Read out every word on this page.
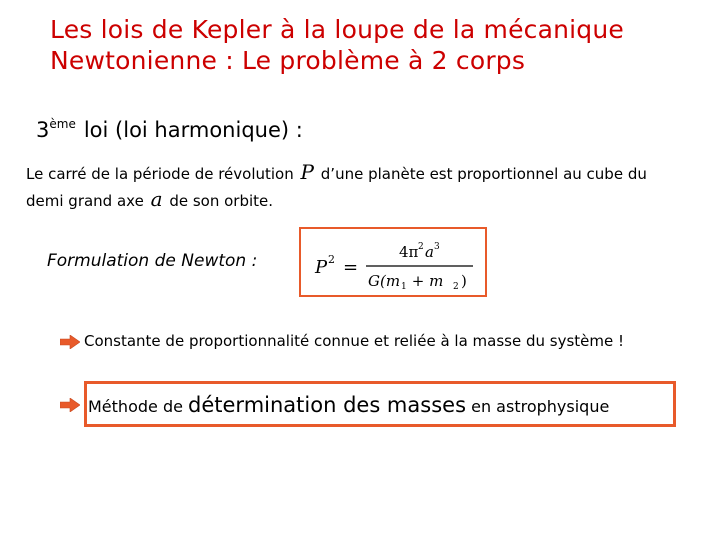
Les lois de Kepler à la loupe de la mécanique
Newtonienne : Le problème à 2 corps
3ème loi (loi harmonique) :
Le carré de la période de révolution P d’une planète est proportionnel au cube du demi grand axe a de son orbite.
Formulation de Newton :	P 2 =
4π 2 a 3
G(m 1 + m 2 )
Constante de proportionnalité connue et reliée à la masse du système !
Méthode de détermination des masses en astrophysique
